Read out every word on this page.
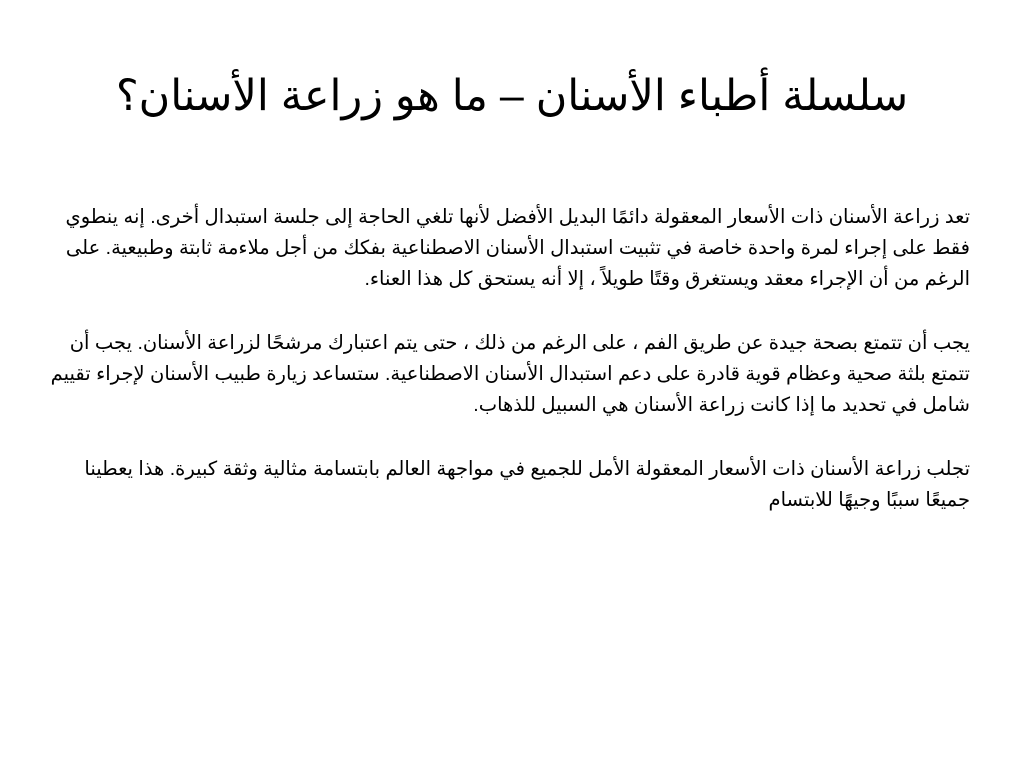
سلسلة أطباء الأسنان – ما هو زراعة الأسنان؟

تعد زراعة الأسنان ذات الأسعار المعقولة دائمًا البديل الأفضل لأنها تلغي الحاجة إلى جلسة استبدال أخرى. إنه ينطوي فقط على إجراء لمرة واحدة خاصة في تثبيت استبدال الأسنان الاصطناعية بفكك من أجل ملاءمة ثابتة وطبيعية. على الرغم من أن الإجراء معقد ويستغرق وقتًا طويلاً ، إلا أنه يستحق كل هذا العناء.

يجب أن تتمتع بصحة جيدة عن طريق الفم ، على الرغم من ذلك ، حتى يتم اعتبارك مرشحًا لزراعة الأسنان. يجب أن تتمتع بلثة صحية وعظام قوية قادرة على دعم استبدال الأسنان الاصطناعية. ستساعد زيارة طبيب الأسنان لإجراء تقييم شامل في تحديد ما إذا كانت زراعة الأسنان هي السبيل للذهاب.

تجلب زراعة الأسنان ذات الأسعار المعقولة الأمل للجميع في مواجهة العالم بابتسامة مثالية وثقة كبيرة. هذا يعطينا جميعًا سببًا وجيهًا للابتسام
